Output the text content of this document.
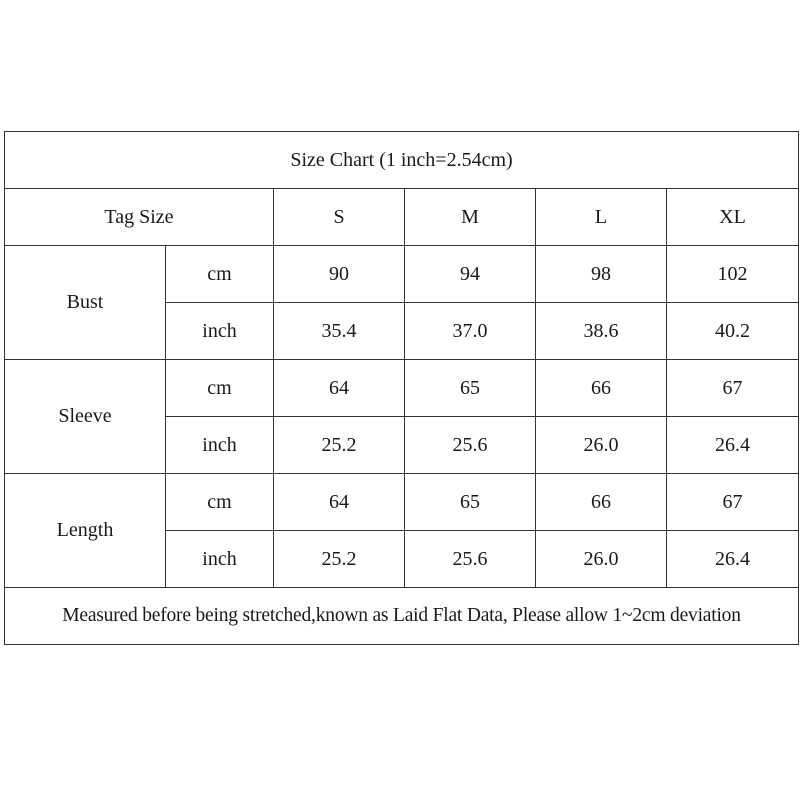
Size Chart (1 inch=2.54cm)					
Tag Size		S	M	L	XL
Bust	cm	90	94	98	102
	inch	35.4	37.0	38.6	40.2
Sleeve	cm	64	65	66	67
	inch	25.2	25.6	26.0	26.4
Length	cm	64	65	66	67
	inch	25.2	25.6	26.0	26.4
Measured before being stretched,known as Laid Flat Data, Please allow 1~2cm deviation					
